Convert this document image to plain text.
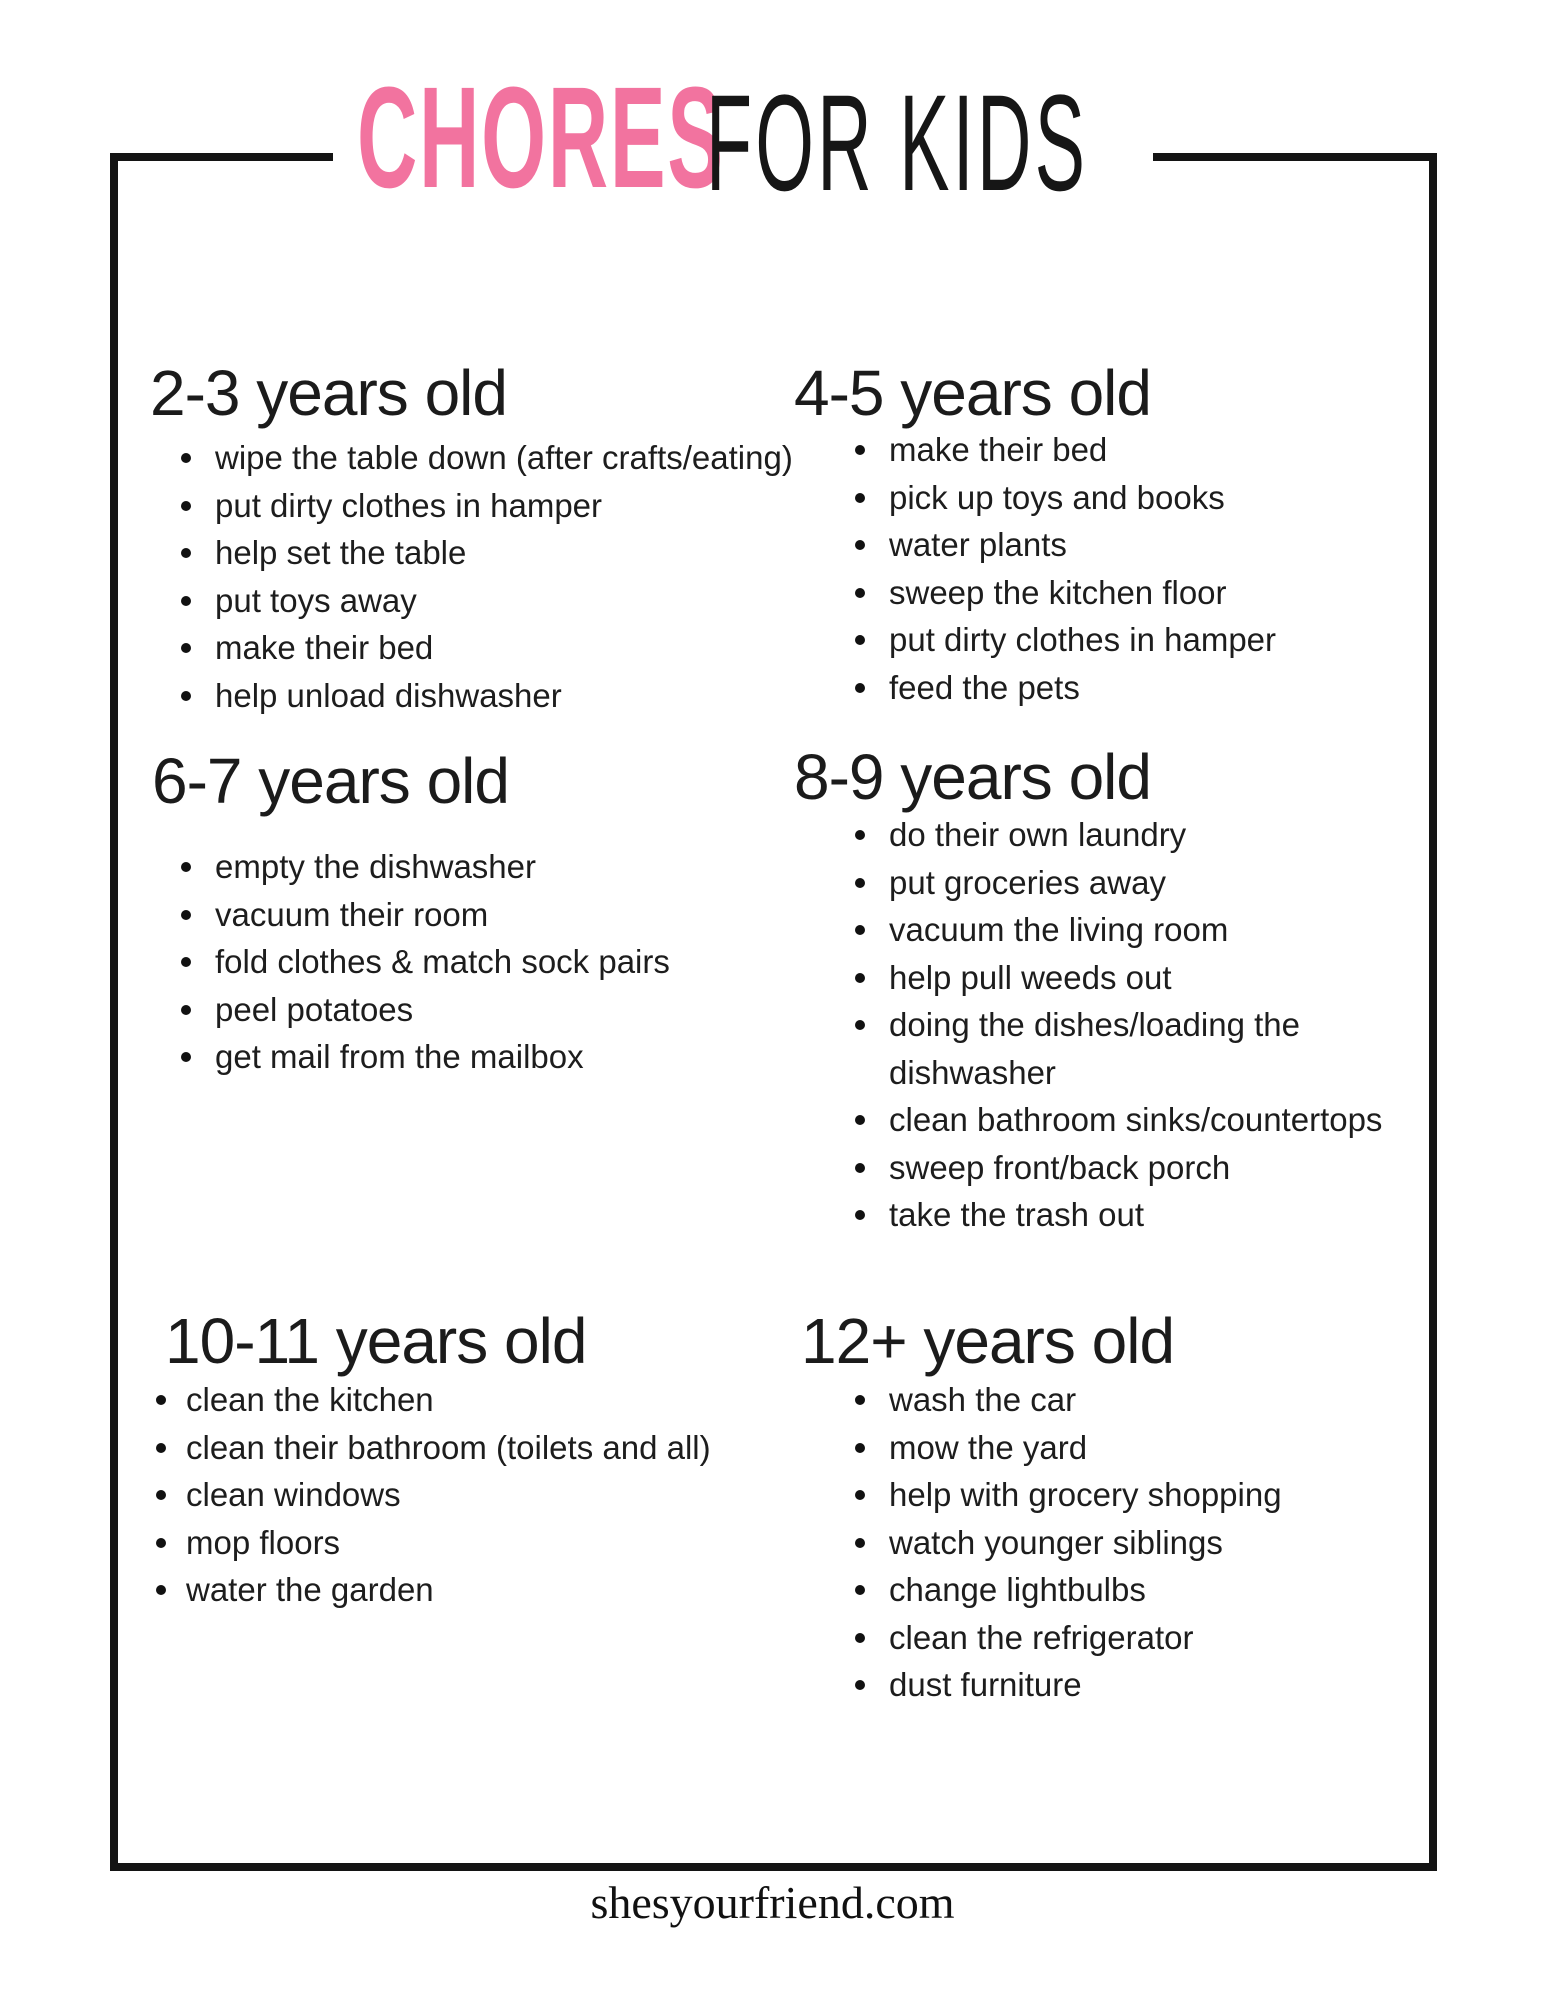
CHORES
FOR KIDS
2-3 years old
wipe the table down (after crafts/eating)
put dirty clothes in hamper
help set the table
put toys away
make their bed
help unload dishwasher
4-5 years old
make their bed
pick up toys and books
water plants
sweep the kitchen floor
put dirty clothes in hamper
feed the pets
6-7 years old
empty the dishwasher
vacuum their room
fold clothes & match sock pairs
peel potatoes
get mail from the mailbox
8-9 years old
do their own laundry
put groceries away
vacuum the living room
help pull weeds out
doing the dishes/loading the dishwasher
clean bathroom sinks/countertops
sweep front/back porch
take the trash out
10-11 years old
clean the kitchen
clean their bathroom (toilets and all)
clean windows
mop floors
water the garden
12+ years old
wash the car
mow the yard
help with grocery shopping
watch younger siblings
change lightbulbs
clean the refrigerator
dust furniture
shesyourfriend.com
